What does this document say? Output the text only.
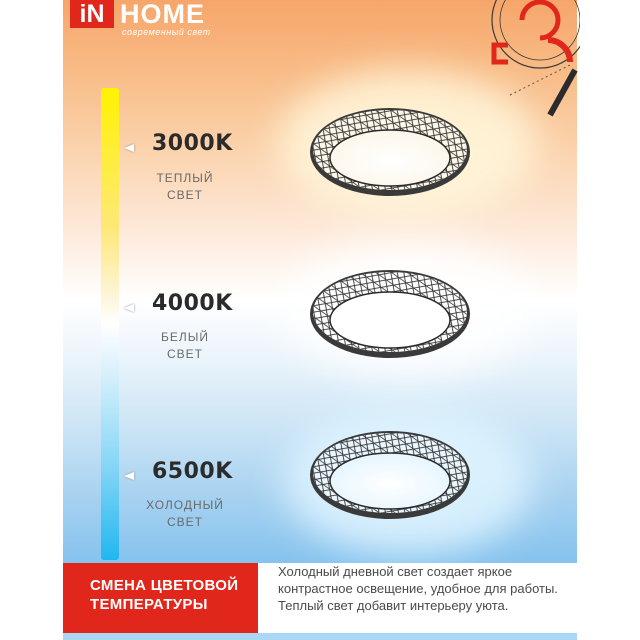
iN HOME
современный свет
3000K
ТЕПЛЫЙ
СВЕТ
4000K
БЕЛЫЙ
СВЕТ
6500K
ХОЛОДНЫЙ
СВЕТ
СМЕНА ЦВЕТОВОЙ
ТЕМПЕРАТУРЫ
Холодный дневной свет создает яркое контрастное освещение, удобное для работы. Теплый свет добавит интерьеру уюта.
